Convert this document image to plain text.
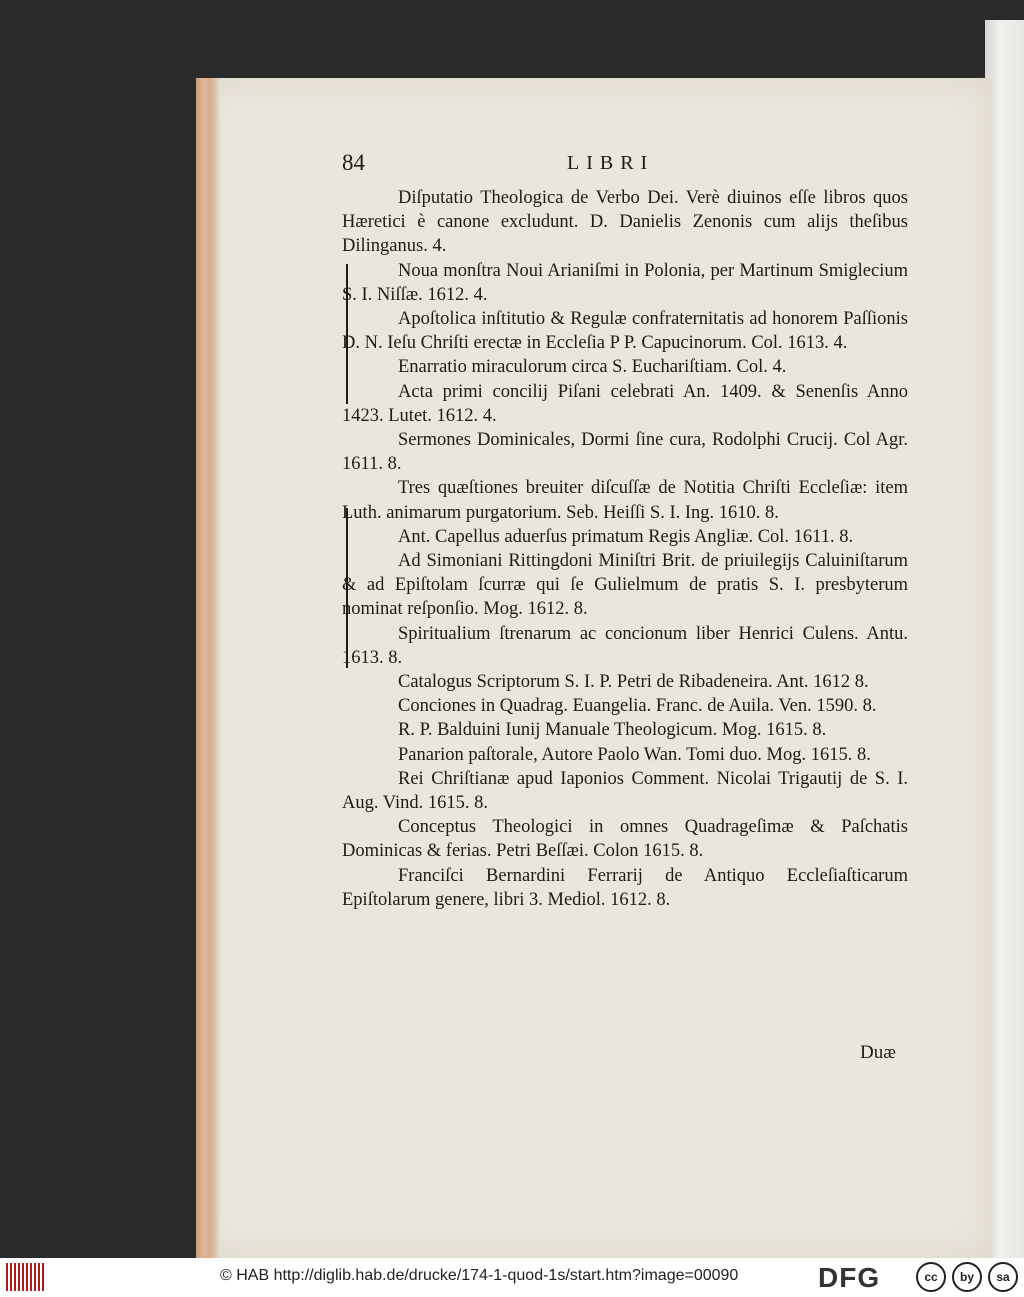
84	LIBRI

Diſputatio Theologica de Verbo Dei. Verè diuinos eſſe libros quos Hæretici è canone excludunt. D. Danielis Zenonis cum alijs theſibus Dilinganus. 4.

Noua monſtra Noui Arianiſmi in Polonia, per Martinum Smiglecium S. I. Niſſæ. 1612. 4.

Apoſtolica inſtitutio & Regulæ confraternitatis ad honorem Paſſionis D. N. Ieſu Chriſti erectæ in Eccleſia P P. Capucinorum. Col. 1613. 4.

Enarratio miraculorum circa S. Euchariſtiam. Col. 4.

Acta primi concilij Piſani celebrati An. 1409. & Senenſis Anno 1423. Lutet. 1612. 4.

Sermones Dominicales, Dormi ſine cura, Rodolphi Crucij. Col Agr. 1611. 8.

Tres quæſtiones breuiter diſcuſſæ de Notitia Chriſti Eccleſiæ: item Luth. animarum purgatorium. Seb. Heiſſi S. I. Ing. 1610. 8.

Ant. Capellus aduerſus primatum Regis Angliæ. Col. 1611. 8.

Ad Simoniani Rittingdoni Miniſtri Brit. de priuilegijs Caluiniſtarum & ad Epiſtolam ſcurræ qui ſe Gulielmum de pratis S. I. presbyterum nominat reſponſio. Mog. 1612. 8.

Spiritualium ſtrenarum ac concionum liber Henrici Culens. Antu. 1613. 8.

Catalogus Scriptorum S. I. P. Petri de Ribadeneira. Ant. 1612 8.

Conciones in Quadrag. Euangelia. Franc. de Auila. Ven. 1590. 8.

R. P. Balduini Iunij Manuale Theologicum. Mog. 1615. 8.

Panarion paſtorale, Autore Paolo Wan. Tomi duo. Mog. 1615. 8.

Rei Chriſtianæ apud Iaponios Comment. Nicolai Trigautij de S. I. Aug. Vind. 1615. 8.

Conceptus Theologici in omnes Quadrageſimæ & Paſchatis Dominicas & ferias. Petri Beſſæi. Colon 1615. 8.

Franciſci Bernardini Ferrarij de Antiquo Eccleſiaſticarum Epiſtolarum genere, libri 3. Mediol. 1612. 8.

Duæ
© HAB http://diglib.hab.de/drucke/174-1-quod-1s/start.htm?image=00090	DFG	cc	by	sa
